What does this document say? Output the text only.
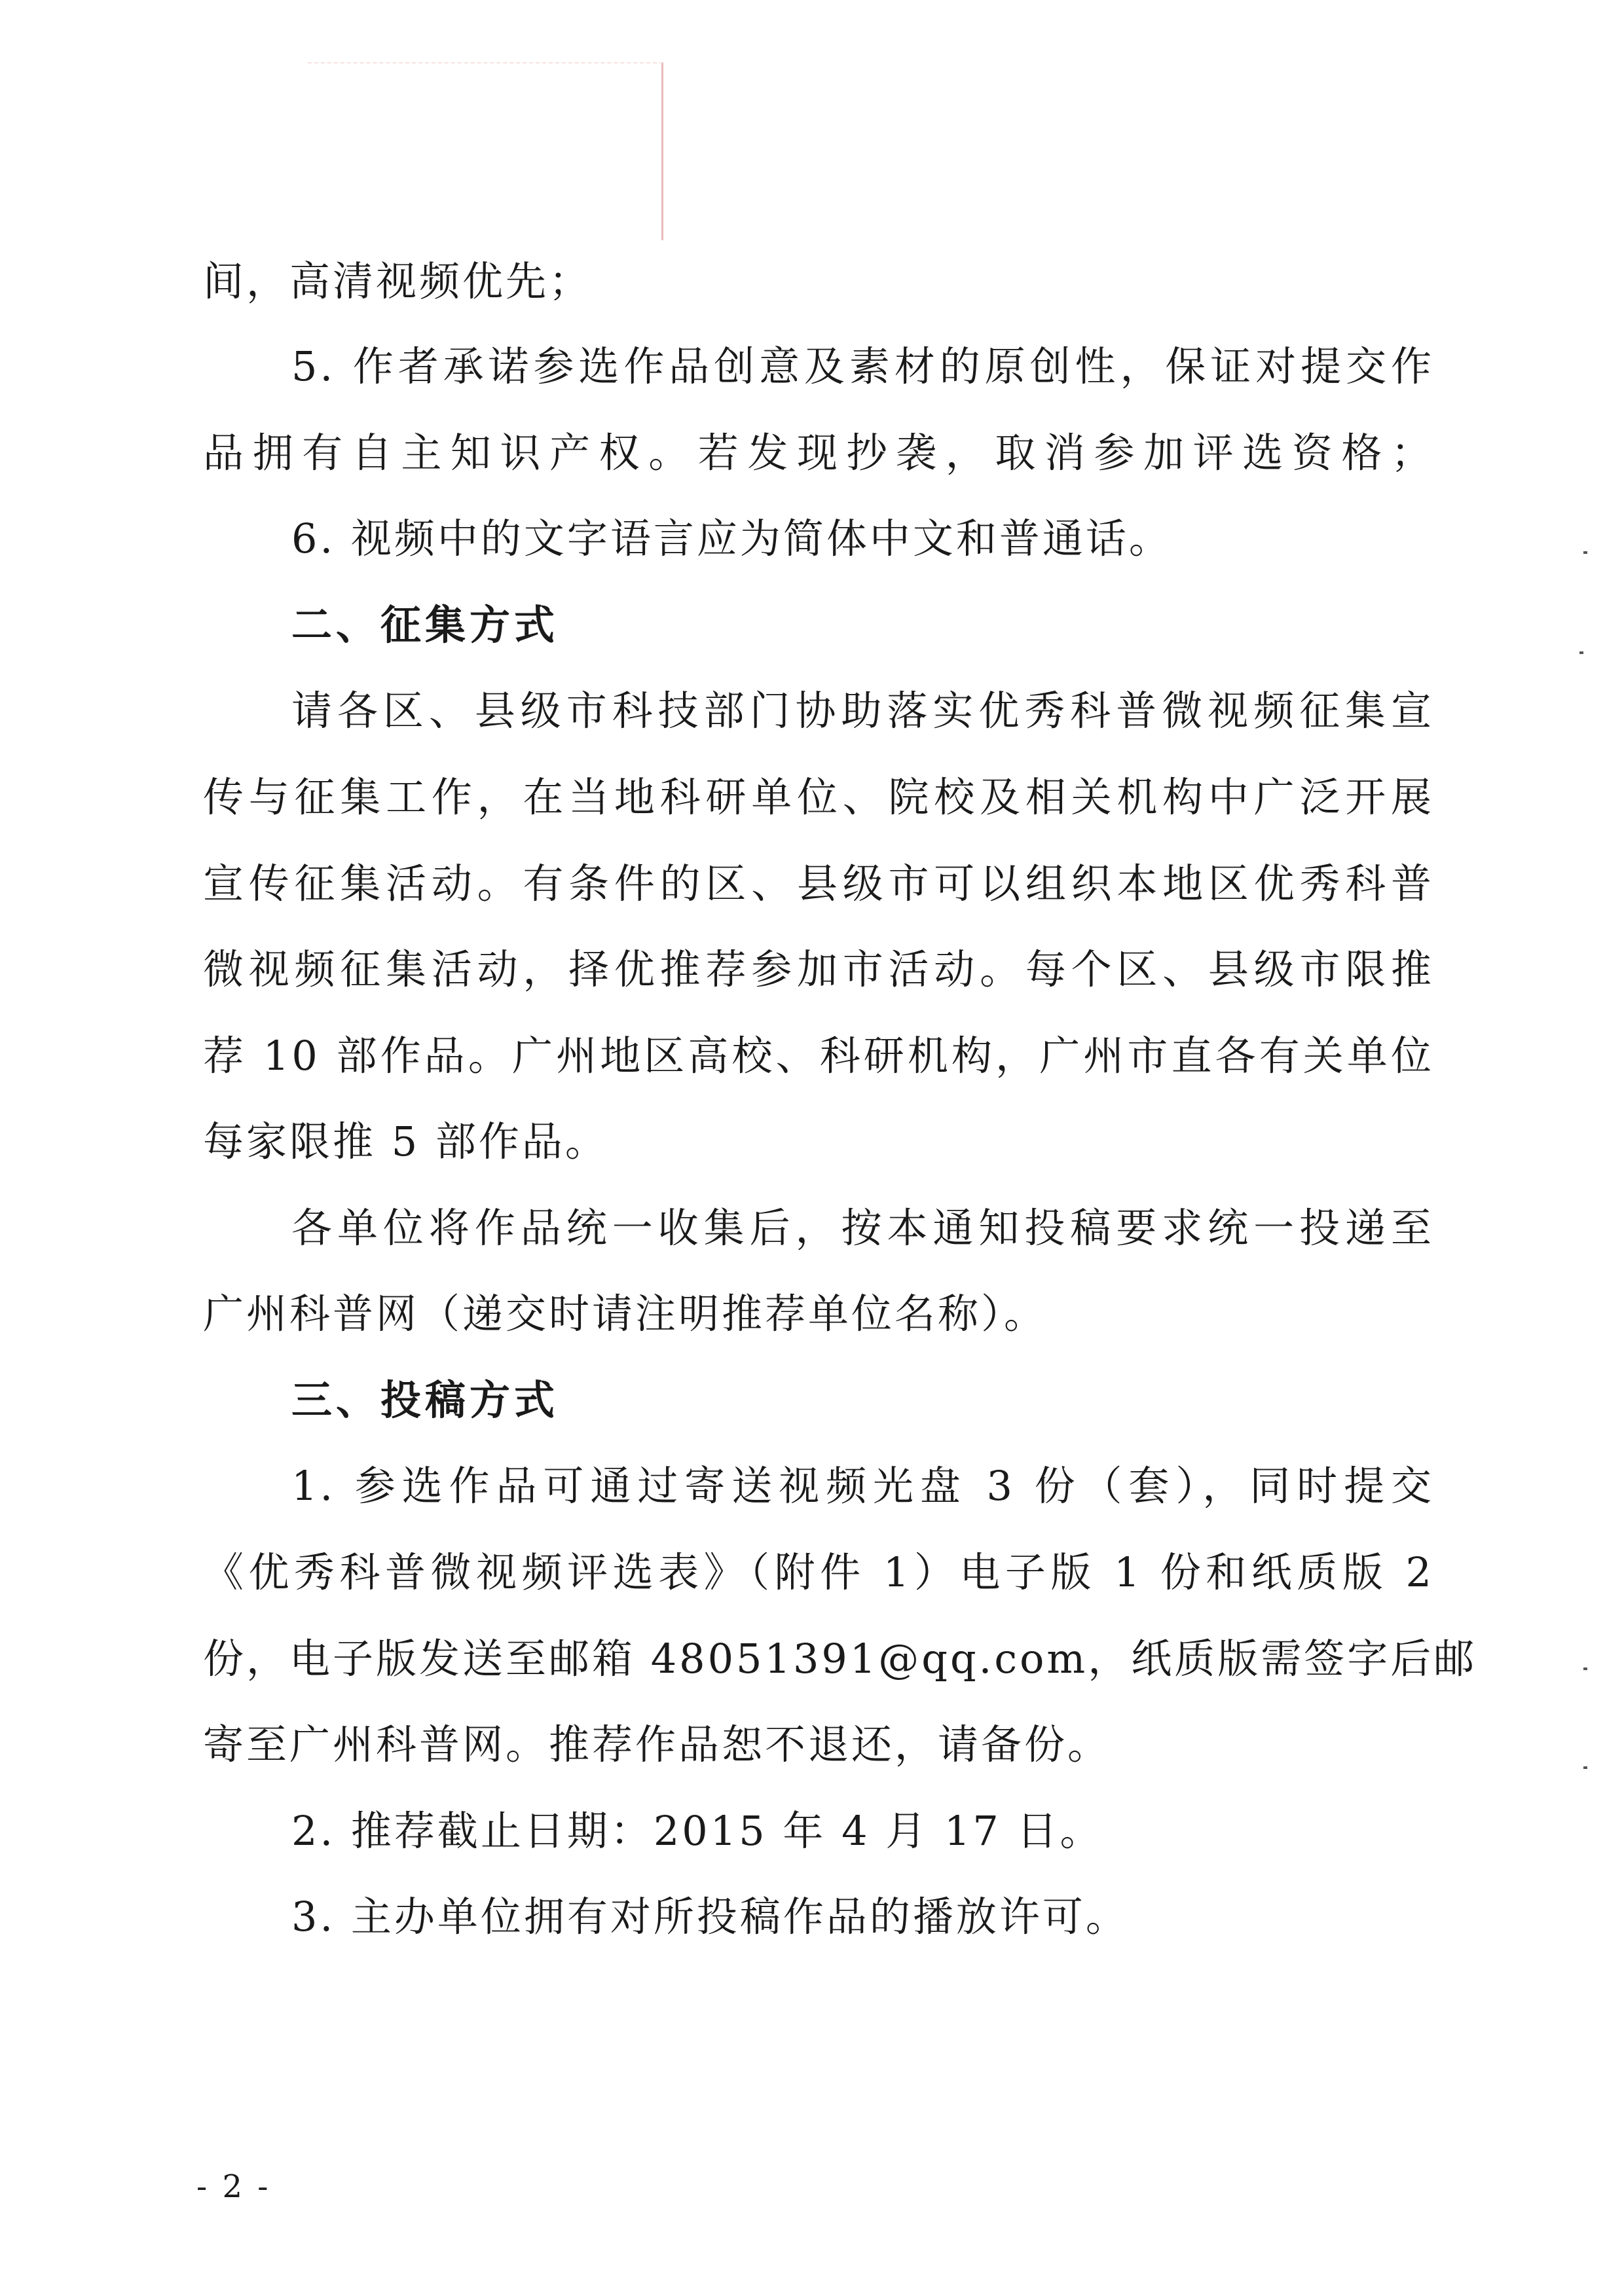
间，高清视频优先；
5. 作者承诺参选作品创意及素材的原创性，保证对提交作
品拥有自主知识产权。若发现抄袭，取消参加评选资格；
6. 视频中的文字语言应为简体中文和普通话。
二、征集方式
请各区、县级市科技部门协助落实优秀科普微视频征集宣
传与征集工作，在当地科研单位、院校及相关机构中广泛开展
宣传征集活动。有条件的区、县级市可以组织本地区优秀科普
微视频征集活动，择优推荐参加市活动。每个区、县级市限推
荐 10 部作品。广州地区高校、科研机构，广州市直各有关单位
每家限推 5 部作品。
各单位将作品统一收集后，按本通知投稿要求统一投递至
广州科普网（递交时请注明推荐单位名称）。
三、投稿方式
1. 参选作品可通过寄送视频光盘 3 份（套），同时提交
《优秀科普微视频评选表》（附件 1）电子版 1 份和纸质版 2
份，电子版发送至邮箱 48051391@qq.com，纸质版需签字后邮
寄至广州科普网。推荐作品恕不退还，请备份。
2. 推荐截止日期：2015 年 4 月 17 日。
3. 主办单位拥有对所投稿作品的播放许可。
- 2 -
